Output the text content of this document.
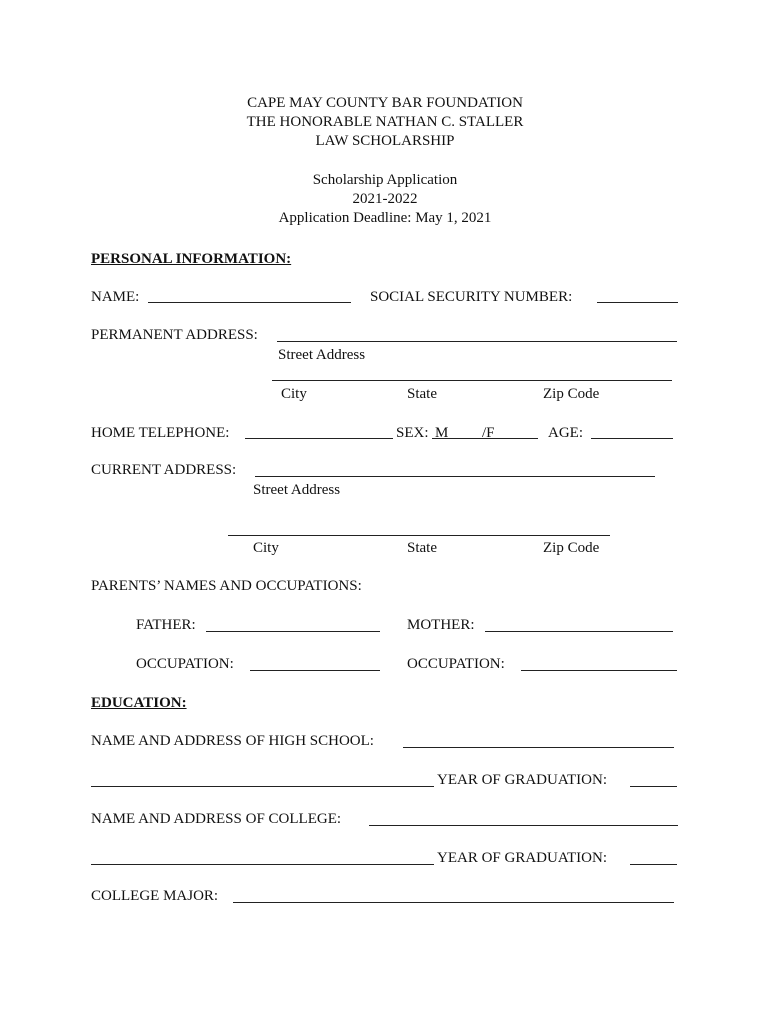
CAPE MAY COUNTY BAR FOUNDATION
THE HONORABLE NATHAN C. STALLER
LAW SCHOLARSHIP
Scholarship Application
2021-2022
Application Deadline: May 1, 2021
PERSONAL INFORMATION:
NAME:	SOCIAL SECURITY NUMBER:
PERMANENT ADDRESS:
Street Address
City	State	Zip Code
HOME TELEPHONE:	SEX: M /F	AGE:
CURRENT ADDRESS:
Street Address
City	State	Zip Code
PARENTS’ NAMES AND OCCUPATIONS:
FATHER:	MOTHER:
OCCUPATION:	OCCUPATION:
EDUCATION:
NAME AND ADDRESS OF HIGH SCHOOL:
YEAR OF GRADUATION:
NAME AND ADDRESS OF COLLEGE:
YEAR OF GRADUATION:
COLLEGE MAJOR:
